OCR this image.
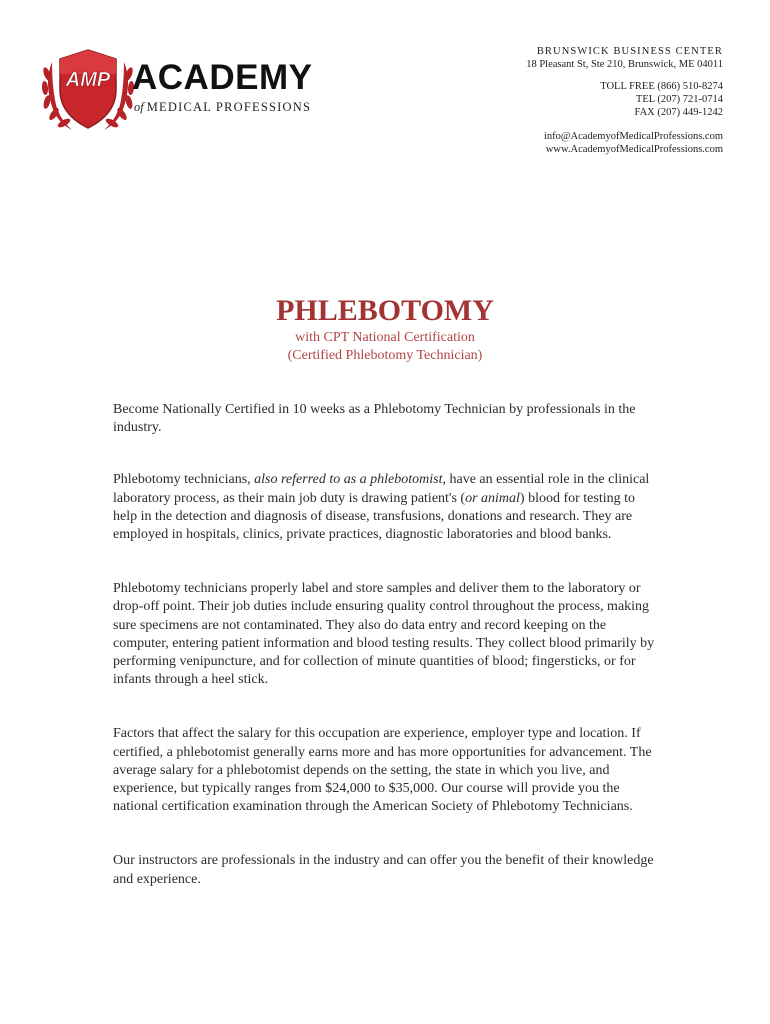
AMP ACADEMY
of MEDICAL PROFESSIONS
BRUNSWICK BUSINESS CENTER
18 Pleasant St, Ste 210, Brunswick, ME 04011
TOLL FREE (866) 510-8274
TEL (207) 721-0714
FAX (207) 449-1242
info@AcademyofMedicalProfessions.com
www.AcademyofMedicalProfessions.com
PHLEBOTOMY
with CPT National Certification
(Certified Phlebotomy Technician)

Become Nationally Certified in 10 weeks as a Phlebotomy Technician by professionals in the industry.

Phlebotomy technicians, also referred to as a phlebotomist, have an essential role in the clinical laboratory process, as their main job duty is drawing patient's (or animal) blood for testing to help in the detection and diagnosis of disease, transfusions, donations and research. They are employed in hospitals, clinics, private practices, diagnostic laboratories and blood banks.

Phlebotomy technicians properly label and store samples and deliver them to the laboratory or drop-off point. Their job duties include ensuring quality control throughout the process, making sure specimens are not contaminated. They also do data entry and record keeping on the computer, entering patient information and blood testing results. They collect blood primarily by performing venipuncture, and for collection of minute quantities of blood; fingersticks, or for infants through a heel stick.

Factors that affect the salary for this occupation are experience, employer type and location. If certified, a phlebotomist generally earns more and has more opportunities for advancement. The average salary for a phlebotomist depends on the setting, the state in which you live, and experience, but typically ranges from $24,000 to $35,000. Our course will provide you the national certification examination through the American Society of Phlebotomy Technicians.

Our instructors are professionals in the industry and can offer you the benefit of their knowledge and experience.
